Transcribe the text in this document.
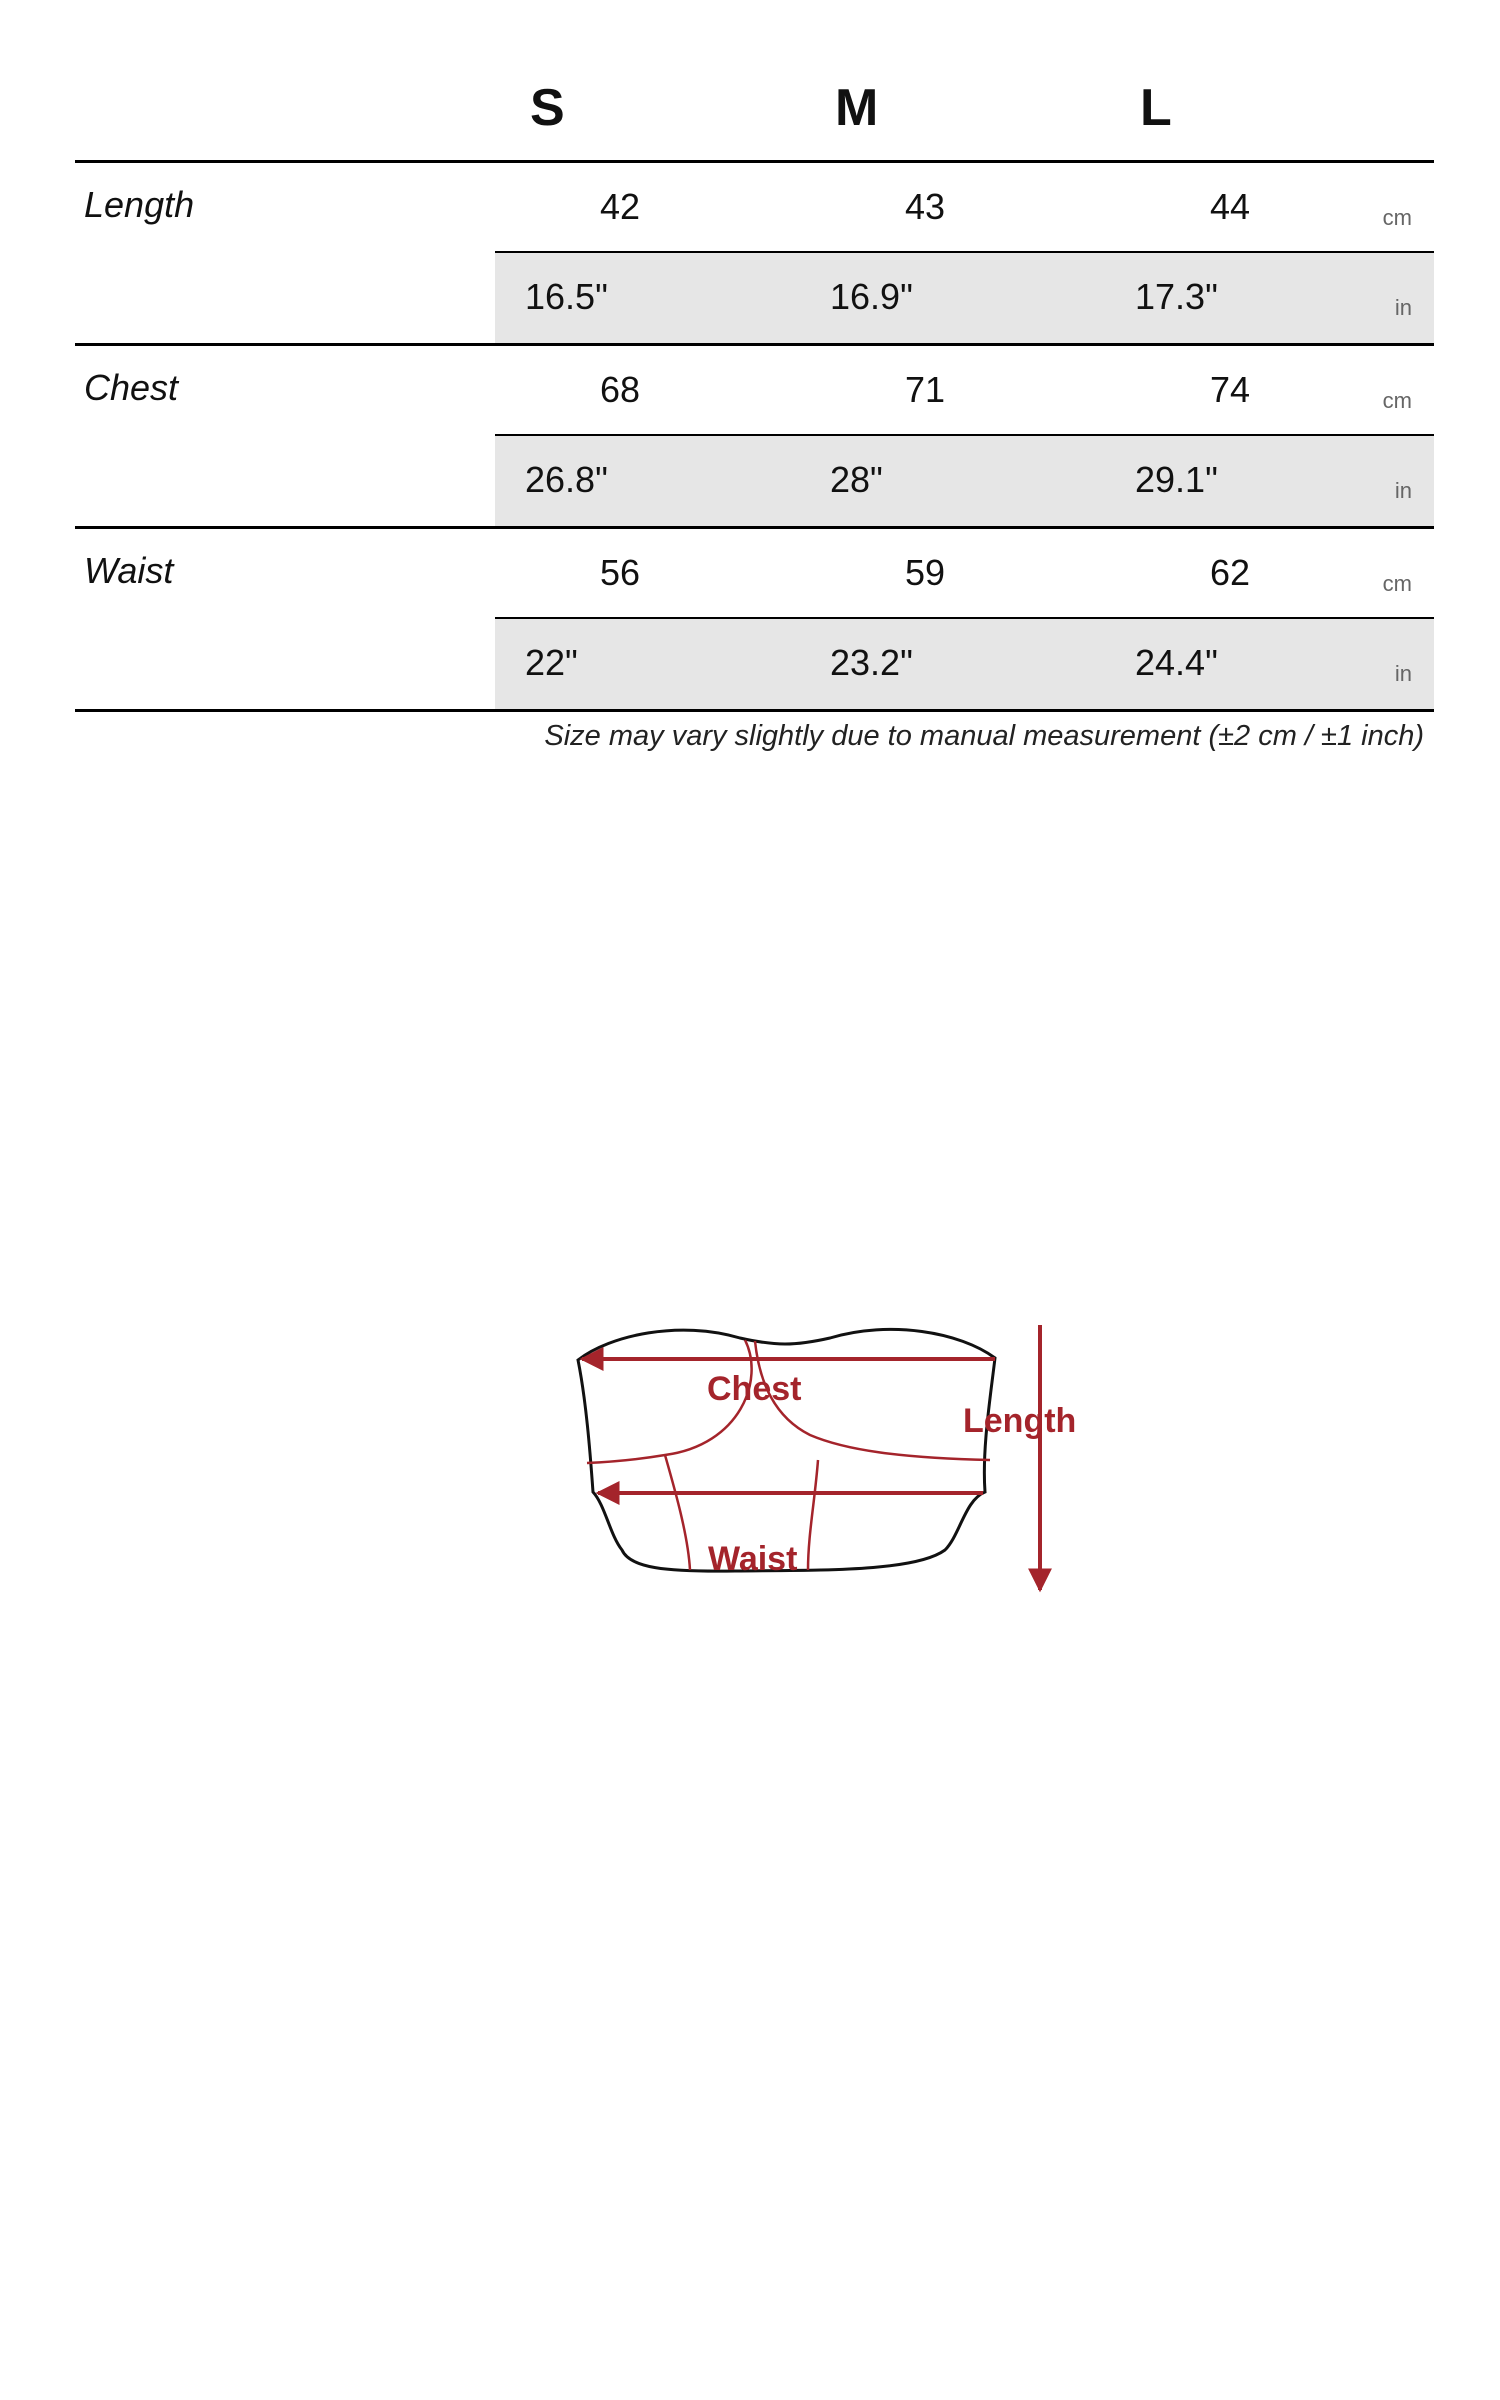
S	M	L
Length	42	43	44	cm
16.5"	16.9"	17.3"	in
Chest	68	71	74	cm
26.8"	28"	29.1"	in
Waist	56	59	62	cm
22"	23.2"	24.4"	in
Size may vary slightly due to manual measurement (±2 cm / ±1 inch)
Chest
Waist
Length
